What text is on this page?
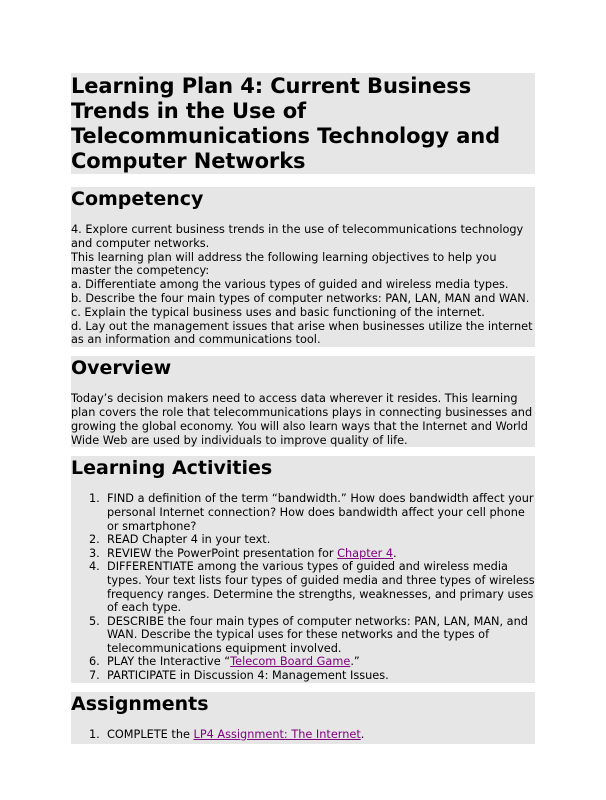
Learning Plan 4: Current Business Trends in the Use of Telecommunications Technology and Computer Networks
Competency

4. Explore current business trends in the use of telecommunications technology and computer networks.

This learning plan will address the following learning objectives to help you master the competency:

a. Differentiate among the various types of guided and wireless media types.

b. Describe the four main types of computer networks: PAN, LAN, MAN and WAN.

c. Explain the typical business uses and basic functioning of the internet.

d. Lay out the management issues that arise when businesses utilize the internet as an information and communications tool.

Overview

Today’s decision makers need to access data wherever it resides. This learning plan covers the role that telecommunications plays in connecting businesses and growing the global economy. You will also learn ways that the Internet and World Wide Web are used by individuals to improve quality of life.

Learning Activities
1. FIND a definition of the term “bandwidth.” How does bandwidth affect your personal Internet connection? How does bandwidth affect your cell phone or smartphone?
2. READ Chapter 4 in your text.
3. REVIEW the PowerPoint presentation for Chapter 4.
4. DIFFERENTIATE among the various types of guided and wireless media types. Your text lists four types of guided media and three types of wireless frequency ranges. Determine the strengths, weaknesses, and primary uses of each type.
5. DESCRIBE the four main types of computer networks: PAN, LAN, MAN, and WAN. Describe the typical uses for these networks and the types of telecommunications equipment involved.
6. PLAY the Interactive “Telecom Board Game.”
7. PARTICIPATE in Discussion 4: Management Issues.
Assignments
1. COMPLETE the LP4 Assignment: The Internet.
